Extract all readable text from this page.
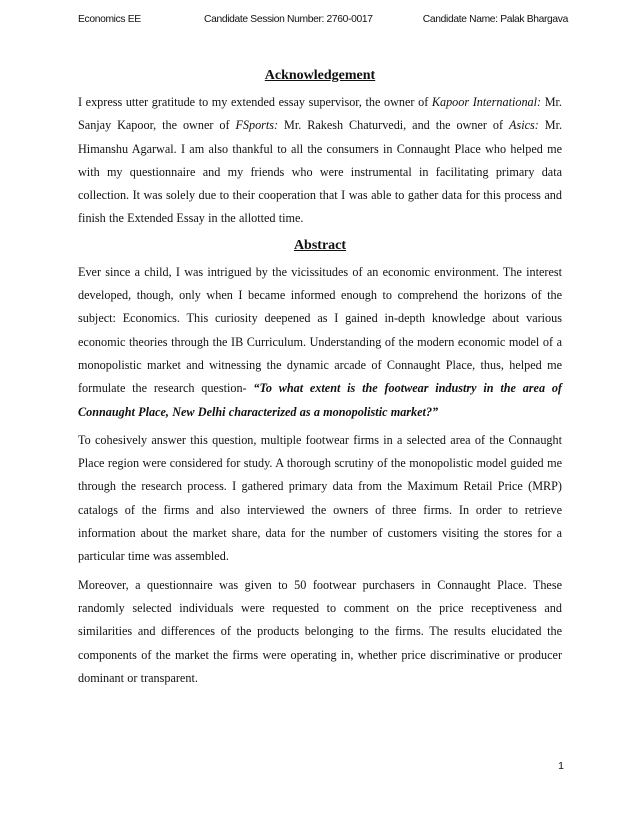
Economics EE	Candidate Session Number: 2760-0017	Candidate Name: Palak Bhargava
Acknowledgement

I express utter gratitude to my extended essay supervisor, the owner of Kapoor International: Mr. Sanjay Kapoor, the owner of FSports: Mr. Rakesh Chaturvedi, and the owner of Asics: Mr. Himanshu Agarwal. I am also thankful to all the consumers in Connaught Place who helped me with my questionnaire and my friends who were instrumental in facilitating primary data collection. It was solely due to their cooperation that I was able to gather data for this process and finish the Extended Essay in the allotted time.

Abstract

Ever since a child, I was intrigued by the vicissitudes of an economic environment. The interest developed, though, only when I became informed enough to comprehend the horizons of the subject: Economics. This curiosity deepened as I gained in-depth knowledge about various economic theories through the IB Curriculum. Understanding of the modern economic model of a monopolistic market and witnessing the dynamic arcade of Connaught Place, thus, helped me formulate the research question- “To what extent is the footwear industry in the area of Connaught Place, New Delhi characterized as a monopolistic market?”

To cohesively answer this question, multiple footwear firms in a selected area of the Connaught Place region were considered for study. A thorough scrutiny of the monopolistic model guided me through the research process. I gathered primary data from the Maximum Retail Price (MRP) catalogs of the firms and also interviewed the owners of three firms. In order to retrieve information about the market share, data for the number of customers visiting the stores for a particular time was assembled.

Moreover, a questionnaire was given to 50 footwear purchasers in Connaught Place. These randomly selected individuals were requested to comment on the price receptiveness and similarities and differences of the products belonging to the firms. The results elucidated the components of the market the firms were operating in, whether price discriminative or producer dominant or transparent.

1
